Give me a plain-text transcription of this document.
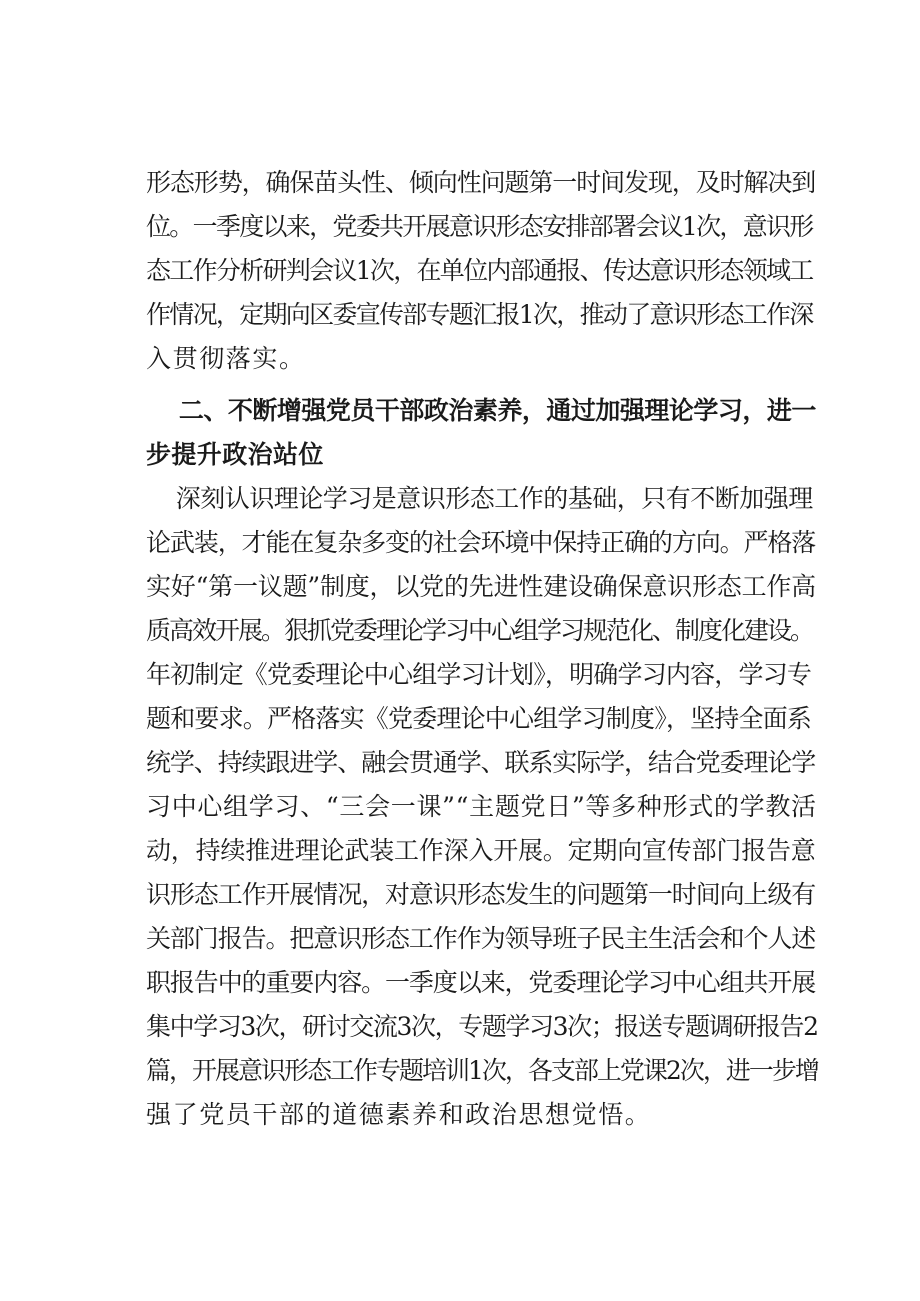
形态形势，确保苗头性、倾向性问题第一时间发现，及时解决到
位。一季度以来，党委共开展意识形态安排部署会议1次，意识形
态工作分析研判会议1次，在单位内部通报、传达意识形态领域工
作情况，定期向区委宣传部专题汇报1次，推动了意识形态工作深
入贯彻落实。
二、不断增强党员干部政治素养，通过加强理论学习，进一
步提升政治站位
深刻认识理论学习是意识形态工作的基础，只有不断加强理
论武装，才能在复杂多变的社会环境中保持正确的方向。严格落
实好“第一议题”制度，以党的先进性建设确保意识形态工作高
质高效开展。狠抓党委理论学习中心组学习规范化、制度化建设。
年初制定《党委理论中心组学习计划》，明确学习内容，学习专
题和要求。严格落实《党委理论中心组学习制度》，坚持全面系
统学、持续跟进学、融会贯通学、联系实际学，结合党委理论学
习中心组学习、“三会一课”“主题党日”等多种形式的学教活
动，持续推进理论武装工作深入开展。定期向宣传部门报告意
识形态工作开展情况，对意识形态发生的问题第一时间向上级有
关部门报告。把意识形态工作作为领导班子民主生活会和个人述
职报告中的重要内容。一季度以来，党委理论学习中心组共开展
集中学习3次，研讨交流3次，专题学习3次；报送专题调研报告2
篇，开展意识形态工作专题培训1次，各支部上党课2次，进一步增
强了党员干部的道德素养和政治思想觉悟。
